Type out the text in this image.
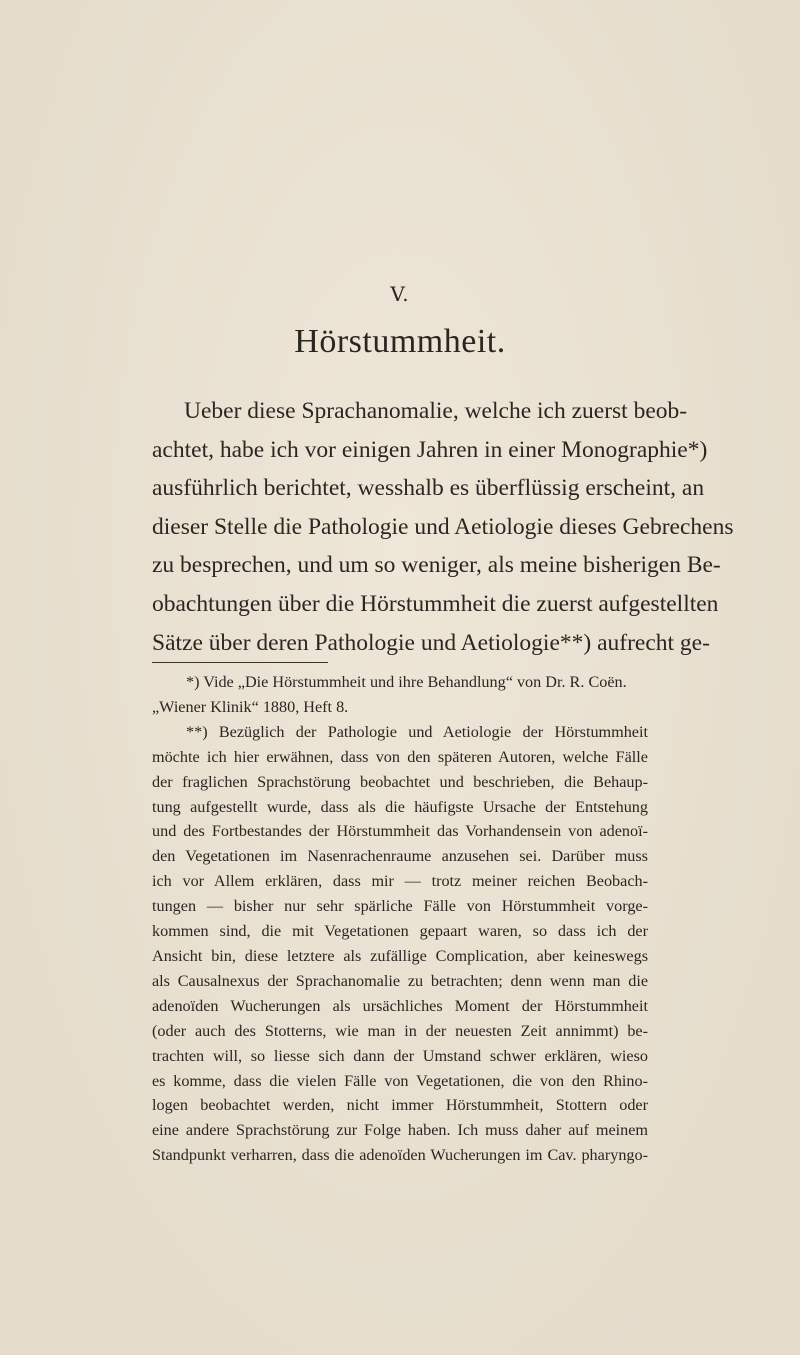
V.
Hörstummheit.
Ueber diese Sprachanomalie, welche ich zuerst beob-
achtet, habe ich vor einigen Jahren in einer Monographie*)
ausführlich berichtet, wesshalb es überflüssig erscheint, an
dieser Stelle die Pathologie und Aetiologie dieses Gebrechens
zu besprechen, und um so weniger, als meine bisherigen Be-
obachtungen über die Hörstummheit die zuerst aufgestellten
Sätze über deren Pathologie und Aetiologie**) aufrecht ge-
*) Vide „Die Hörstummheit und ihre Behandlung“ von Dr. R. Coën.
„Wiener Klinik“ 1880, Heft 8.
**) Bezüglich der Pathologie und Aetiologie der Hörstummheit
möchte ich hier erwähnen, dass von den späteren Autoren, welche Fälle
der fraglichen Sprachstörung beobachtet und beschrieben, die Behaup-
tung aufgestellt wurde, dass als die häufigste Ursache der Entstehung
und des Fortbestandes der Hörstummheit das Vorhandensein von adenoï-
den Vegetationen im Nasenrachenraume anzusehen sei. Darüber muss
ich vor Allem erklären, dass mir — trotz meiner reichen Beobach-
tungen — bisher nur sehr spärliche Fälle von Hörstummheit vorge-
kommen sind, die mit Vegetationen gepaart waren, so dass ich der
Ansicht bin, diese letztere als zufällige Complication, aber keineswegs
als Causalnexus der Sprachanomalie zu betrachten; denn wenn man die
adenoïden Wucherungen als ursächliches Moment der Hörstummheit
(oder auch des Stotterns, wie man in der neuesten Zeit annimmt) be-
trachten will, so liesse sich dann der Umstand schwer erklären, wieso
es komme, dass die vielen Fälle von Vegetationen, die von den Rhino-
logen beobachtet werden, nicht immer Hörstummheit, Stottern oder
eine andere Sprachstörung zur Folge haben. Ich muss daher auf meinem
Standpunkt verharren, dass die adenoïden Wucherungen im Cav. pharyngo-
